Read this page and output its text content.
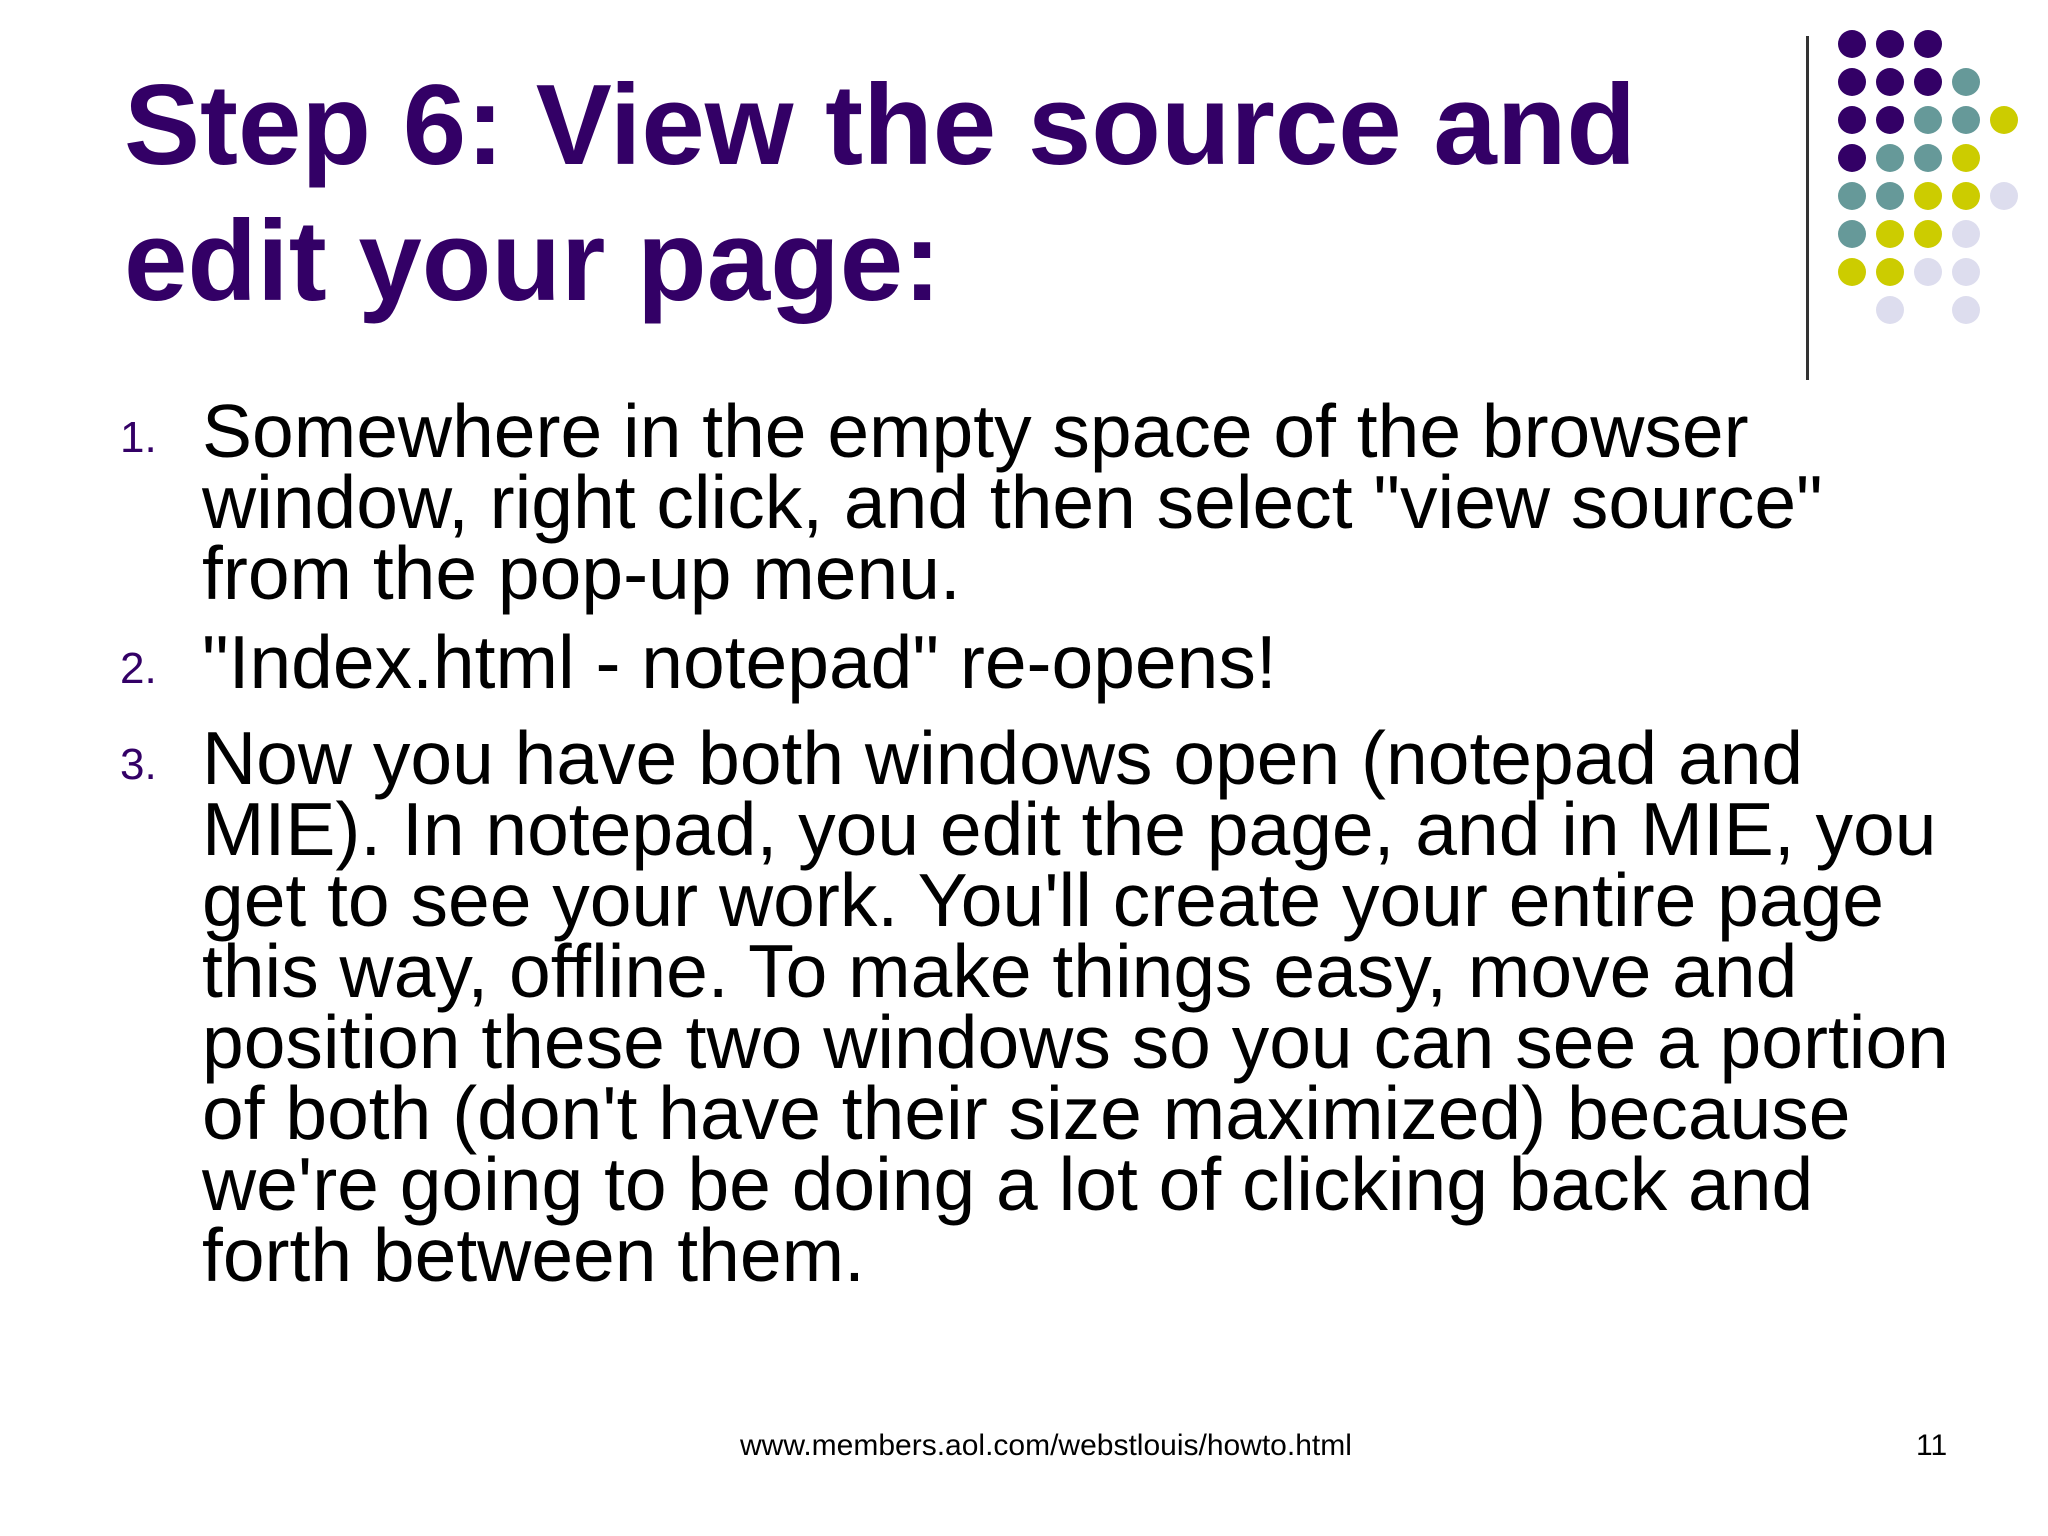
Step 6: View the source and edit your page:
1. Somewhere in the empty space of the browser window, right click, and then select "view source" from the pop-up menu.
2. "Index.html - notepad" re-opens!
3. Now you have both windows open (notepad and MIE). In notepad, you edit the page, and in MIE, you get to see your work. You'll create your entire page this way, offline. To make things easy, move and position these two windows so you can see a portion of both (don't have their size maximized) because we're going to be doing a lot of clicking back and forth between them.
www.members.aol.com/webstlouis/howto.html	11
